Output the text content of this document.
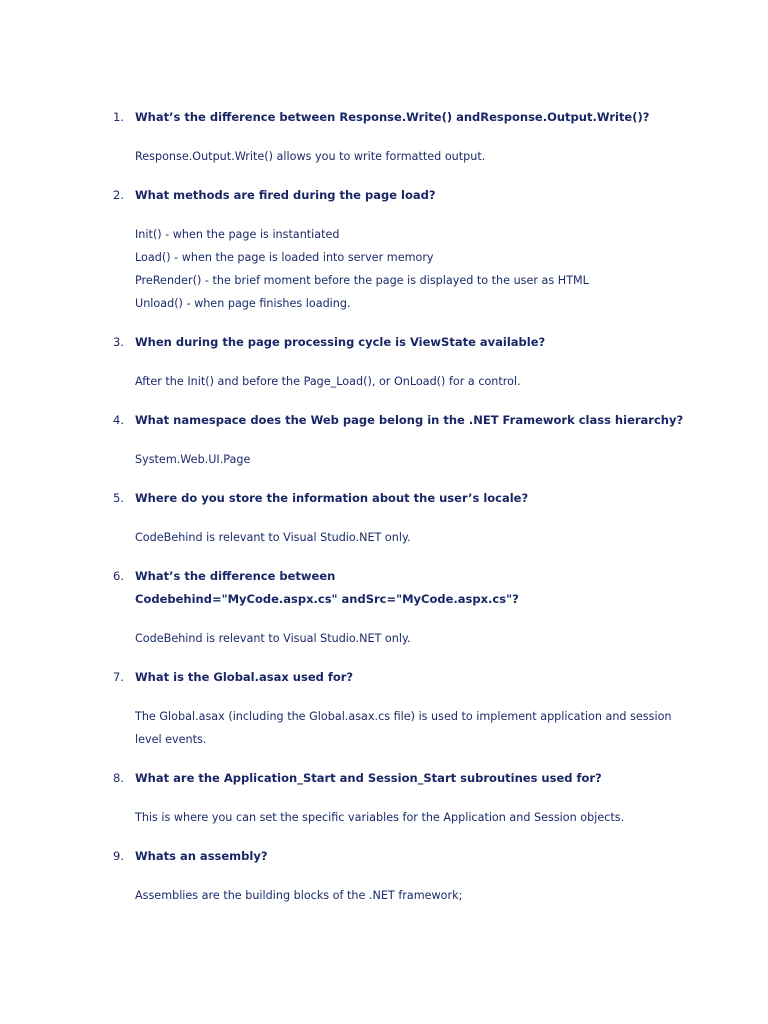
1. What’s the difference between Response.Write() andResponse.Output.Write()?
Response.Output.Write() allows you to write formatted output.
2. What methods are fired during the page load?
Init() - when the page is instantiated
Load() - when the page is loaded into server memory
PreRender() - the brief moment before the page is displayed to the user as HTML
Unload() - when page finishes loading.
3. When during the page processing cycle is ViewState available?
After the Init() and before the Page_Load(), or OnLoad() for a control.
4. What namespace does the Web page belong in the .NET Framework class hierarchy?
System.Web.UI.Page
5. Where do you store the information about the user’s locale?
CodeBehind is relevant to Visual Studio.NET only.
6. What’s the difference between Codebehind="MyCode.aspx.cs" andSrc="MyCode.aspx.cs"?
CodeBehind is relevant to Visual Studio.NET only.
7. What is the Global.asax used for?
The Global.asax (including the Global.asax.cs file) is used to implement application and session level events.
8. What are the Application_Start and Session_Start subroutines used for?
This is where you can set the specific variables for the Application and Session objects.
9. Whats an assembly?
Assemblies are the building blocks of the .NET framework;
